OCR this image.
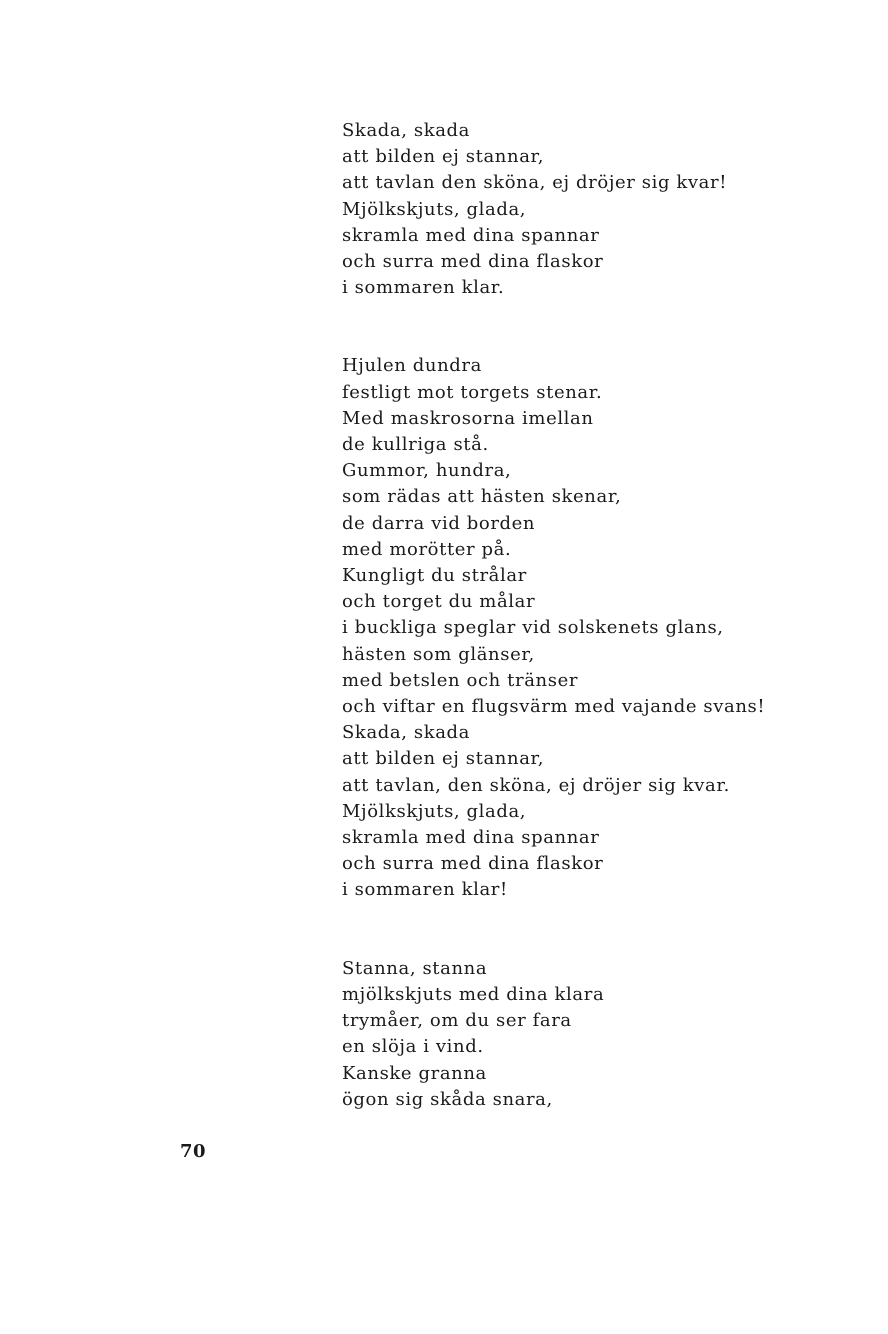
Skada, skada
att bilden ej stannar,
att tavlan den sköna, ej dröjer sig kvar!
Mjölkskjuts, glada,
skramla med dina spannar
och surra med dina flaskor
i sommaren klar.
Hjulen dundra
festligt mot torgets stenar.
Med maskrosorna imellan
de kullriga stå.
Gummor, hundra,
som rädas att hästen skenar,
de darra vid borden
med morötter på.
Kungligt du strålar
och torget du målar
i buckliga speglar vid solskenets glans,
hästen som glänser,
med betslen och tränser
och viftar en flugsvärm med vajande svans!
Skada, skada
att bilden ej stannar,
att tavlan, den sköna, ej dröjer sig kvar.
Mjölkskjuts, glada,
skramla med dina spannar
och surra med dina flaskor
i sommaren klar!
Stanna, stanna
mjölkskjuts med dina klara
trymåer, om du ser fara
en slöja i vind.
Kanske granna
ögon sig skåda snara,
70
